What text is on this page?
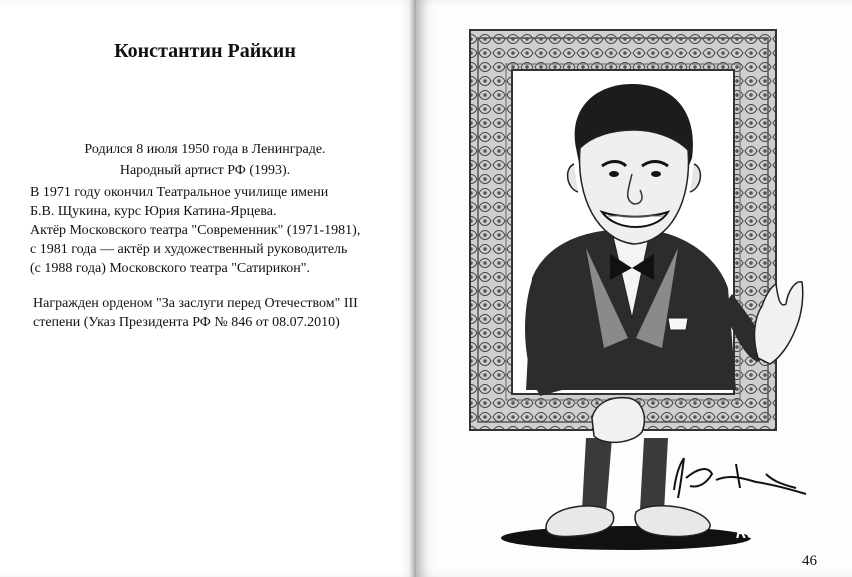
Константин Райкин
Родился 8 июля 1950 года в Ленинграде.
Народный артист РФ (1993).
В 1971 году окончил Театральное училище имени
Б.В. Щукина, курс Юрия Катина-Ярцева.
Актёр Московского театра "Современник" (1971-1981),
с 1981 года — актёр и художественный руководитель
(с 1988 года) Московского театра "Сатирикон".
Награжден орденом "За заслуги перед Отечеством" III
степени (Указ Президента РФ № 846 от 08.07.2010)
Rom
46
